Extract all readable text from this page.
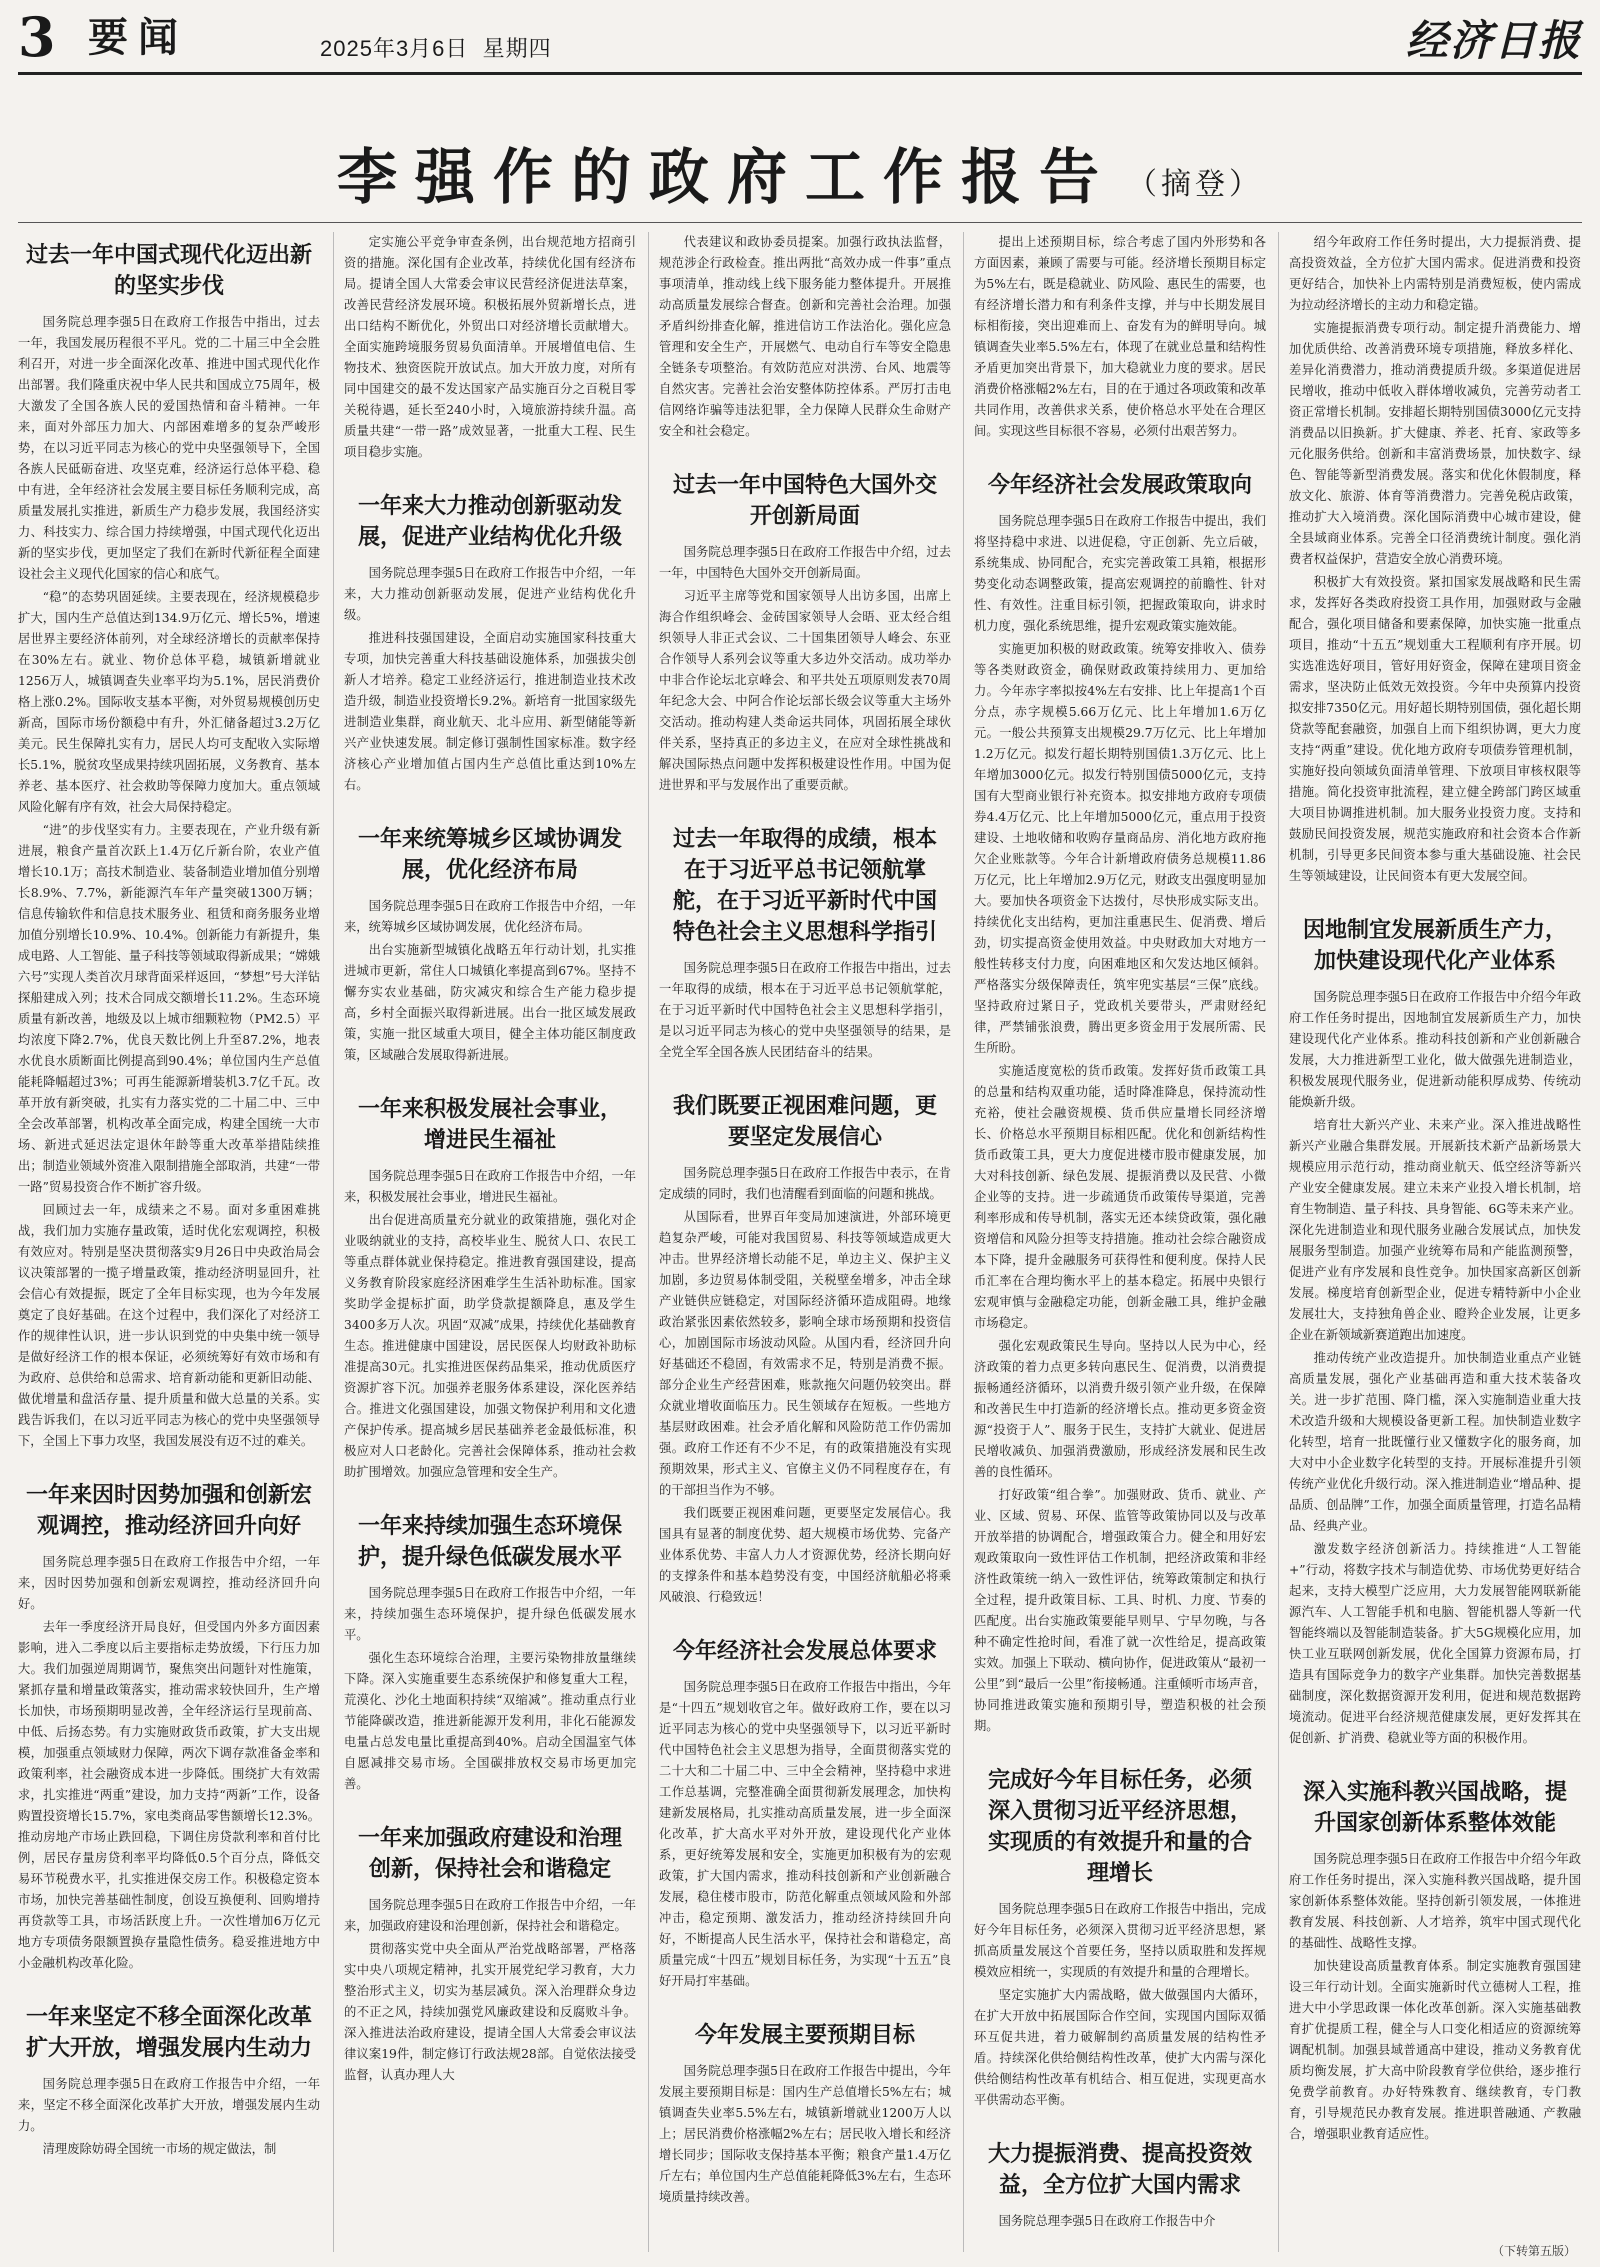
3 要闻	2025年3月6日 星期四	经济日报
李强作的政府工作报告 （摘登）
过去一年中国式现代化迈出新的坚实步伐

国务院总理李强5日在政府工作报告中指出，过去一年，我国发展历程很不平凡。党的二十届三中全会胜利召开，对进一步全面深化改革、推进中国式现代化作出部署。我们隆重庆祝中华人民共和国成立75周年，极大激发了全国各族人民的爱国热情和奋斗精神。一年来，面对外部压力加大、内部困难增多的复杂严峻形势，在以习近平同志为核心的党中央坚强领导下，全国各族人民砥砺奋进、攻坚克难，经济运行总体平稳、稳中有进，全年经济社会发展主要目标任务顺利完成，高质量发展扎实推进，新质生产力稳步发展，我国经济实力、科技实力、综合国力持续增强，中国式现代化迈出新的坚实步伐，更加坚定了我们在新时代新征程全面建设社会主义现代化国家的信心和底气。

“稳”的态势巩固延续。主要表现在，经济规模稳步扩大，国内生产总值达到134.9万亿元、增长5%，增速居世界主要经济体前列，对全球经济增长的贡献率保持在30%左右。就业、物价总体平稳，城镇新增就业1256万人，城镇调查失业率平均为5.1%，居民消费价格上涨0.2%。国际收支基本平衡，对外贸易规模创历史新高，国际市场份额稳中有升，外汇储备超过3.2万亿美元。民生保障扎实有力，居民人均可支配收入实际增长5.1%，脱贫攻坚成果持续巩固拓展，义务教育、基本养老、基本医疗、社会救助等保障力度加大。重点领域风险化解有序有效，社会大局保持稳定。

“进”的步伐坚实有力。主要表现在，产业升级有新进展，粮食产量首次跃上1.4万亿斤新台阶，农业产值增长10.1万；高技术制造业、装备制造业增加值分别增长8.9%、7.7%，新能源汽车年产量突破1300万辆；信息传输软件和信息技术服务业、租赁和商务服务业增加值分别增长10.9%、10.4%。创新能力有新提升，集成电路、人工智能、量子科技等领域取得新成果；“嫦娥六号”实现人类首次月球背面采样返回，“梦想”号大洋钻探船建成入列；技术合同成交额增长11.2%。生态环境质量有新改善，地级及以上城市细颗粒物（PM2.5）平均浓度下降2.7%，优良天数比例上升至87.2%，地表水优良水质断面比例提高到90.4%；单位国内生产总值能耗降幅超过3%；可再生能源新增装机3.7亿千瓦。改革开放有新突破，扎实有力落实党的二十届二中、三中全会改革部署，机构改革全面完成，构建全国统一大市场、新进式延迟法定退休年龄等重大改革举措陆续推出；制造业领域外资准入限制措施全部取消，共建“一带一路”贸易投资合作不断扩容升级。

回顾过去一年，成绩来之不易。面对多重困难挑战，我们加力实施存量政策，适时优化宏观调控，积极有效应对。特别是坚决贯彻落实9月26日中央政治局会议决策部署的一揽子增量政策，推动经济明显回升，社会信心有效提振，既定了全年目标实现，也为今年发展奠定了良好基础。在这个过程中，我们深化了对经济工作的规律性认识，进一步认识到党的中央集中统一领导是做好经济工作的根本保证，必须统筹好有效市场和有为政府、总供给和总需求、培育新动能和更新旧动能、做优增量和盘活存量、提升质量和做大总量的关系。实践告诉我们，在以习近平同志为核心的党中央坚强领导下，全国上下事力攻坚，我国发展没有迈不过的难关。

一年来因时因势加强和创新宏观调控，推动经济回升向好

国务院总理李强5日在政府工作报告中介绍，一年来，因时因势加强和创新宏观调控，推动经济回升向好。

去年一季度经济开局良好，但受国内外多方面因素影响，进入二季度以后主要指标走势放缓，下行压力加大。我们加强逆周期调节，聚焦突出问题针对性施策，紧抓存量和增量政策落实，推动需求较快回升，生产增长加快，市场预期明显改善，全年经济运行呈现前高、中低、后扬态势。有力实施财政货币政策，扩大支出规模，加强重点领域财力保障，两次下调存款准备金率和政策利率，社会融资成本进一步降低。围绕扩大有效需求，扎实推进“两重”建设，加力支持“两新”工作，设备购置投资增长15.7%，家电类商品零售额增长12.3%。推动房地产市场止跌回稳，下调住房贷款利率和首付比例，居民存量房贷利率平均降低0.5个百分点，降低交易环节税费水平，扎实推进保交房工作。积极稳定资本市场，加快完善基础性制度，创设互换便利、回购增持再贷款等工具，市场活跃度上升。一次性增加6万亿元地方专项债务限额置换存量隐性债务。稳妥推进地方中小金融机构改革化险。

一年来坚定不移全面深化改革扩大开放，增强发展内生动力

国务院总理李强5日在政府工作报告中介绍，一年来，坚定不移全面深化改革扩大开放，增强发展内生动力。

清理废除妨碍全国统一市场的规定做法，制

定实施公平竞争审查条例，出台规范地方招商引资的措施。深化国有企业改革，持续优化国有经济布局。提请全国人大常委会审议民营经济促进法草案，改善民营经济发展环境。积极拓展外贸新增长点，进出口结构不断优化，外贸出口对经济增长贡献增大。全面实施跨境服务贸易负面清单。开展增值电信、生物技术、独资医院开放试点。加大开放力度，对所有同中国建交的最不发达国家产品实施百分之百税目零关税待遇，延长至240小时，入境旅游持续升温。高质量共建“一带一路”成效显著，一批重大工程、民生项目稳步实施。

一年来大力推动创新驱动发展，促进产业结构优化升级

国务院总理李强5日在政府工作报告中介绍，一年来，大力推动创新驱动发展，促进产业结构优化升级。

推进科技强国建设，全面启动实施国家科技重大专项，加快完善重大科技基础设施体系，加强拔尖创新人才培养。稳定工业经济运行，推进制造业技术改造升级，制造业投资增长9.2%。新培育一批国家级先进制造业集群，商业航天、北斗应用、新型储能等新兴产业快速发展。制定修订强制性国家标准。数字经济核心产业增加值占国内生产总值比重达到10%左右。

一年来统筹城乡区域协调发展，优化经济布局

国务院总理李强5日在政府工作报告中介绍，一年来，统筹城乡区域协调发展，优化经济布局。

出台实施新型城镇化战略五年行动计划，扎实推进城市更新，常住人口城镇化率提高到67%。坚持不懈夯实农业基础，防灾减灾和综合生产能力稳步提高，乡村全面振兴取得新进展。出台一批区域发展政策，实施一批区域重大项目，健全主体功能区制度政策，区域融合发展取得新进展。

一年来积极发展社会事业，增进民生福祉

国务院总理李强5日在政府工作报告中介绍，一年来，积极发展社会事业，增进民生福祉。

出台促进高质量充分就业的政策措施，强化对企业吸纳就业的支持，高校毕业生、脱贫人口、农民工等重点群体就业保持稳定。推进教育强国建设，提高义务教育阶段家庭经济困难学生生活补助标准。国家奖助学金提标扩面，助学贷款提额降息，惠及学生3400多万人次。巩固“双减”成果，持续优化基础教育生态。推进健康中国建设，居民医保人均财政补助标准提高30元。扎实推进医保药品集采，推动优质医疗资源扩容下沉。加强养老服务体系建设，深化医养结合。推进文化强国建设，加强文物保护利用和文化遗产保护传承。提高城乡居民基础养老金最低标准，积极应对人口老龄化。完善社会保障体系，推动社会救助扩围增效。加强应急管理和安全生产。

一年来持续加强生态环境保护，提升绿色低碳发展水平

国务院总理李强5日在政府工作报告中介绍，一年来，持续加强生态环境保护，提升绿色低碳发展水平。

强化生态环境综合治理，主要污染物排放量继续下降。深入实施重要生态系统保护和修复重大工程，荒漠化、沙化土地面积持续“双缩减”。推动重点行业节能降碳改造，推进新能源开发利用，非化石能源发电量占总发电量比重提高到40%。启动全国温室气体自愿减排交易市场。全国碳排放权交易市场更加完善。

一年来加强政府建设和治理创新，保持社会和谐稳定

国务院总理李强5日在政府工作报告中介绍，一年来，加强政府建设和治理创新，保持社会和谐稳定。

贯彻落实党中央全面从严治党战略部署，严格落实中央八项规定精神，扎实开展党纪学习教育，大力整治形式主义，切实为基层减负。深入治理群众身边的不正之风，持续加强党风廉政建设和反腐败斗争。深入推进法治政府建设，提请全国人大常委会审议法律议案19件，制定修订行政法规28部。自觉依法接受监督，认真办理人大

代表建议和政协委员提案。加强行政执法监督，规范涉企行政检查。推出两批“高效办成一件事”重点事项清单，推动线上线下服务能力整体提升。开展推动高质量发展综合督查。创新和完善社会治理。加强矛盾纠纷排查化解，推进信访工作法治化。强化应急管理和安全生产，开展燃气、电动自行车等安全隐患全链条专项整治。有效防范应对洪涝、台风、地震等自然灾害。完善社会治安整体防控体系。严厉打击电信网络诈骗等违法犯罪，全力保障人民群众生命财产安全和社会稳定。

过去一年中国特色大国外交开创新局面

国务院总理李强5日在政府工作报告中介绍，过去一年，中国特色大国外交开创新局面。

习近平主席等党和国家领导人出访多国，出席上海合作组织峰会、金砖国家领导人会晤、亚太经合组织领导人非正式会议、二十国集团领导人峰会、东亚合作领导人系列会议等重大多边外交活动。成功举办中非合作论坛北京峰会、和平共处五项原则发表70周年纪念大会、中阿合作论坛部长级会议等重大主场外交活动。推动构建人类命运共同体，巩固拓展全球伙伴关系，坚持真正的多边主义，在应对全球性挑战和解决国际热点问题中发挥积极建设性作用。中国为促进世界和平与发展作出了重要贡献。

过去一年取得的成绩，根本在于习近平总书记领航掌舵，在于习近平新时代中国特色社会主义思想科学指引

国务院总理李强5日在政府工作报告中指出，过去一年取得的成绩，根本在于习近平总书记领航掌舵，在于习近平新时代中国特色社会主义思想科学指引，是以习近平同志为核心的党中央坚强领导的结果，是全党全军全国各族人民团结奋斗的结果。

我们既要正视困难问题，更要坚定发展信心

国务院总理李强5日在政府工作报告中表示，在肯定成绩的同时，我们也清醒看到面临的问题和挑战。

从国际看，世界百年变局加速演进，外部环境更趋复杂严峻，可能对我国贸易、科技等领域造成更大冲击。世界经济增长动能不足，单边主义、保护主义加剧，多边贸易体制受阻，关税壁垒增多，冲击全球产业链供应链稳定，对国际经济循环造成阻碍。地缘政治紧张因素依然较多，影响全球市场预期和投资信心，加剧国际市场波动风险。从国内看，经济回升向好基础还不稳固，有效需求不足，特别是消费不振。部分企业生产经营困难，账款拖欠问题仍较突出。群众就业增收面临压力。民生领域存在短板。一些地方基层财政困难。社会矛盾化解和风险防范工作仍需加强。政府工作还有不少不足，有的政策措施没有实现预期效果，形式主义、官僚主义仍不同程度存在，有的干部担当作为不够。

我们既要正视困难问题，更要坚定发展信心。我国具有显著的制度优势、超大规模市场优势、完备产业体系优势、丰富人力人才资源优势，经济长期向好的支撑条件和基本趋势没有变，中国经济航船必将乘风破浪、行稳致远！

今年经济社会发展总体要求

国务院总理李强5日在政府工作报告中指出，今年是“十四五”规划收官之年。做好政府工作，要在以习近平同志为核心的党中央坚强领导下，以习近平新时代中国特色社会主义思想为指导，全面贯彻落实党的二十大和二十届二中、三中全会精神，坚持稳中求进工作总基调，完整准确全面贯彻新发展理念，加快构建新发展格局，扎实推动高质量发展，进一步全面深化改革，扩大高水平对外开放，建设现代化产业体系，更好统筹发展和安全，实施更加积极有为的宏观政策，扩大国内需求，推动科技创新和产业创新融合发展，稳住楼市股市，防范化解重点领域风险和外部冲击，稳定预期、激发活力，推动经济持续回升向好，不断提高人民生活水平，保持社会和谐稳定，高质量完成“十四五”规划目标任务，为实现“十五五”良好开局打牢基础。

今年发展主要预期目标

国务院总理李强5日在政府工作报告中提出，今年发展主要预期目标是：国内生产总值增长5%左右；城镇调查失业率5.5%左右，城镇新增就业1200万人以上；居民消费价格涨幅2%左右；居民收入增长和经济增长同步；国际收支保持基本平衡；粮食产量1.4万亿斤左右；单位国内生产总值能耗降低3%左右，生态环境质量持续改善。

提出上述预期目标，综合考虑了国内外形势和各方面因素，兼顾了需要与可能。经济增长预期目标定为5%左右，既是稳就业、防风险、惠民生的需要，也有经济增长潜力和有利条件支撑，并与中长期发展目标相衔接，突出迎难而上、奋发有为的鲜明导向。城镇调查失业率5.5%左右，体现了在就业总量和结构性矛盾更加突出背景下，加大稳就业力度的要求。居民消费价格涨幅2%左右，目的在于通过各项政策和改革共同作用，改善供求关系，使价格总水平处在合理区间。实现这些目标很不容易，必须付出艰苦努力。

今年经济社会发展政策取向

国务院总理李强5日在政府工作报告中提出，我们将坚持稳中求进、以进促稳，守正创新、先立后破，系统集成、协同配合，充实完善政策工具箱，根据形势变化动态调整政策，提高宏观调控的前瞻性、针对性、有效性。注重目标引领，把握政策取向，讲求时机力度，强化系统思维，提升宏观政策实施效能。

实施更加积极的财政政策。统筹安排收入、债券等各类财政资金，确保财政政策持续用力、更加给力。今年赤字率拟按4%左右安排、比上年提高1个百分点，赤字规模5.66万亿元、比上年增加1.6万亿元。一般公共预算支出规模29.7万亿元、比上年增加1.2万亿元。拟发行超长期特别国债1.3万亿元、比上年增加3000亿元。拟发行特别国债5000亿元，支持国有大型商业银行补充资本。拟安排地方政府专项债券4.4万亿元、比上年增加5000亿元，重点用于投资建设、土地收储和收购存量商品房、消化地方政府拖欠企业账款等。今年合计新增政府债务总规模11.86万亿元，比上年增加2.9万亿元，财政支出强度明显加大。要加快各项资金下达拨付，尽快形成实际支出。持续优化支出结构，更加注重惠民生、促消费、增后劲，切实提高资金使用效益。中央财政加大对地方一般性转移支付力度，向困难地区和欠发达地区倾斜。严格落实分级保障责任，筑牢兜实基层“三保”底线。坚持政府过紧日子，党政机关要带头，严肃财经纪律，严禁铺张浪费，腾出更多资金用于发展所需、民生所盼。

实施适度宽松的货币政策。发挥好货币政策工具的总量和结构双重功能，适时降准降息，保持流动性充裕，使社会融资规模、货币供应量增长同经济增长、价格总水平预期目标相匹配。优化和创新结构性货币政策工具，更大力度促进楼市股市健康发展，加大对科技创新、绿色发展、提振消费以及民营、小微企业等的支持。进一步疏通货币政策传导渠道，完善利率形成和传导机制，落实无还本续贷政策，强化融资增信和风险分担等支持措施。推动社会综合融资成本下降，提升金融服务可获得性和便利度。保持人民币汇率在合理均衡水平上的基本稳定。拓展中央银行宏观审慎与金融稳定功能，创新金融工具，维护金融市场稳定。

强化宏观政策民生导向。坚持以人民为中心，经济政策的着力点更多转向惠民生、促消费，以消费提振畅通经济循环，以消费升级引领产业升级，在保障和改善民生中打造新的经济增长点。推动更多资金资源“投资于人”、服务于民生，支持扩大就业、促进居民增收减负、加强消费激励，形成经济发展和民生改善的良性循环。

打好政策“组合拳”。加强财政、货币、就业、产业、区域、贸易、环保、监管等政策协同以及与改革开放举措的协调配合，增强政策合力。健全和用好宏观政策取向一致性评估工作机制，把经济政策和非经济性政策统一纳入一致性评估，统筹政策制定和执行全过程，提升政策目标、工具、时机、力度、节奏的匹配度。出台实施政策要能早则早、宁早勿晚，与各种不确定性抢时间，看准了就一次性给足，提高政策实效。加强上下联动、横向协作，促进政策从“最初一公里”到“最后一公里”衔接畅通。注重倾听市场声音，协同推进政策实施和预期引导，塑造积极的社会预期。

完成好今年目标任务，必须深入贯彻习近平经济思想，实现质的有效提升和量的合理增长

国务院总理李强5日在政府工作报告中指出，完成好今年目标任务，必须深入贯彻习近平经济思想，紧抓高质量发展这个首要任务，坚持以质取胜和发挥规模效应相统一，实现质的有效提升和量的合理增长。

坚定实施扩大内需战略，做大做强国内大循环，在扩大开放中拓展国际合作空间，实现国内国际双循环互促共进，着力破解制约高质量发展的结构性矛盾。持续深化供给侧结构性改革，使扩大内需与深化供给侧结构性改革有机结合、相互促进，实现更高水平供需动态平衡。

大力提振消费、提高投资效益，全方位扩大国内需求

国务院总理李强5日在政府工作报告中介

绍今年政府工作任务时提出，大力提振消费、提高投资效益，全方位扩大国内需求。促进消费和投资更好结合，加快补上内需特别是消费短板，使内需成为拉动经济增长的主动力和稳定锚。

实施提振消费专项行动。制定提升消费能力、增加优质供给、改善消费环境专项措施，释放多样化、差异化消费潜力，推动消费提质升级。多渠道促进居民增收，推动中低收入群体增收减负，完善劳动者工资正常增长机制。安排超长期特别国债3000亿元支持消费品以旧换新。扩大健康、养老、托育、家政等多元化服务供给。创新和丰富消费场景，加快数字、绿色、智能等新型消费发展。落实和优化休假制度，释放文化、旅游、体育等消费潜力。完善免税店政策，推动扩大入境消费。深化国际消费中心城市建设，健全县域商业体系。完善全口径消费统计制度。强化消费者权益保护，营造安全放心消费环境。

积极扩大有效投资。紧扣国家发展战略和民生需求，发挥好各类政府投资工具作用，加强财政与金融配合，强化项目储备和要素保障，加快实施一批重点项目，推动“十五五”规划重大工程顺利有序开展。切实选准选好项目，管好用好资金，保障在建项目资金需求，坚决防止低效无效投资。今年中央预算内投资拟安排7350亿元。用好超长期特别国债，强化超长期贷款等配套融资，加强自上而下组织协调，更大力度支持“两重”建设。优化地方政府专项债券管理机制，实施好投向领域负面清单管理、下放项目审核权限等措施。简化投资审批流程，建立健全跨部门跨区域重大项目协调推进机制。加大服务业投资力度。支持和鼓励民间投资发展，规范实施政府和社会资本合作新机制，引导更多民间资本参与重大基础设施、社会民生等领域建设，让民间资本有更大发展空间。

因地制宜发展新质生产力，加快建设现代化产业体系

国务院总理李强5日在政府工作报告中介绍今年政府工作任务时提出，因地制宜发展新质生产力，加快建设现代化产业体系。推动科技创新和产业创新融合发展，大力推进新型工业化，做大做强先进制造业，积极发展现代服务业，促进新动能积厚成势、传统动能焕新升级。

培育壮大新兴产业、未来产业。深入推进战略性新兴产业融合集群发展。开展新技术新产品新场景大规模应用示范行动，推动商业航天、低空经济等新兴产业安全健康发展。建立未来产业投入增长机制，培育生物制造、量子科技、具身智能、6G等未来产业。深化先进制造业和现代服务业融合发展试点，加快发展服务型制造。加强产业统筹布局和产能监测预警，促进产业有序发展和良性竞争。加快国家高新区创新发展。梯度培育创新型企业，促进专精特新中小企业发展壮大，支持独角兽企业、瞪羚企业发展，让更多企业在新领域新赛道跑出加速度。

推动传统产业改造提升。加快制造业重点产业链高质量发展，强化产业基础再造和重大技术装备攻关。进一步扩范围、降门槛，深入实施制造业重大技术改造升级和大规模设备更新工程。加快制造业数字化转型，培育一批既懂行业又懂数字化的服务商，加大对中小企业数字化转型的支持。开展标准提升引领传统产业优化升级行动。深入推进制造业“增品种、提品质、创品牌”工作，加强全面质量管理，打造名品精品、经典产业。

激发数字经济创新活力。持续推进“人工智能+”行动，将数字技术与制造优势、市场优势更好结合起来，支持大模型广泛应用，大力发展智能网联新能源汽车、人工智能手机和电脑、智能机器人等新一代智能终端以及智能制造装备。扩大5G规模化应用，加快工业互联网创新发展，优化全国算力资源布局，打造具有国际竞争力的数字产业集群。加快完善数据基础制度，深化数据资源开发利用，促进和规范数据跨境流动。促进平台经济规范健康发展，更好发挥其在促创新、扩消费、稳就业等方面的积极作用。

深入实施科教兴国战略，提升国家创新体系整体效能

国务院总理李强5日在政府工作报告中介绍今年政府工作任务时提出，深入实施科教兴国战略，提升国家创新体系整体效能。坚持创新引领发展，一体推进教育发展、科技创新、人才培养，筑牢中国式现代化的基础性、战略性支撑。

加快建设高质量教育体系。制定实施教育强国建设三年行动计划。全面实施新时代立德树人工程，推进大中小学思政课一体化改革创新。深入实施基础教育扩优提质工程，健全与人口变化相适应的资源统筹调配机制。加强县域普通高中建设，推动义务教育优质均衡发展，扩大高中阶段教育学位供给，逐步推行免费学前教育。办好特殊教育、继续教育，专门教育，引导规范民办教育发展。推进职普融通、产教融合，增强职业教育适应性。

（下转第五版）
